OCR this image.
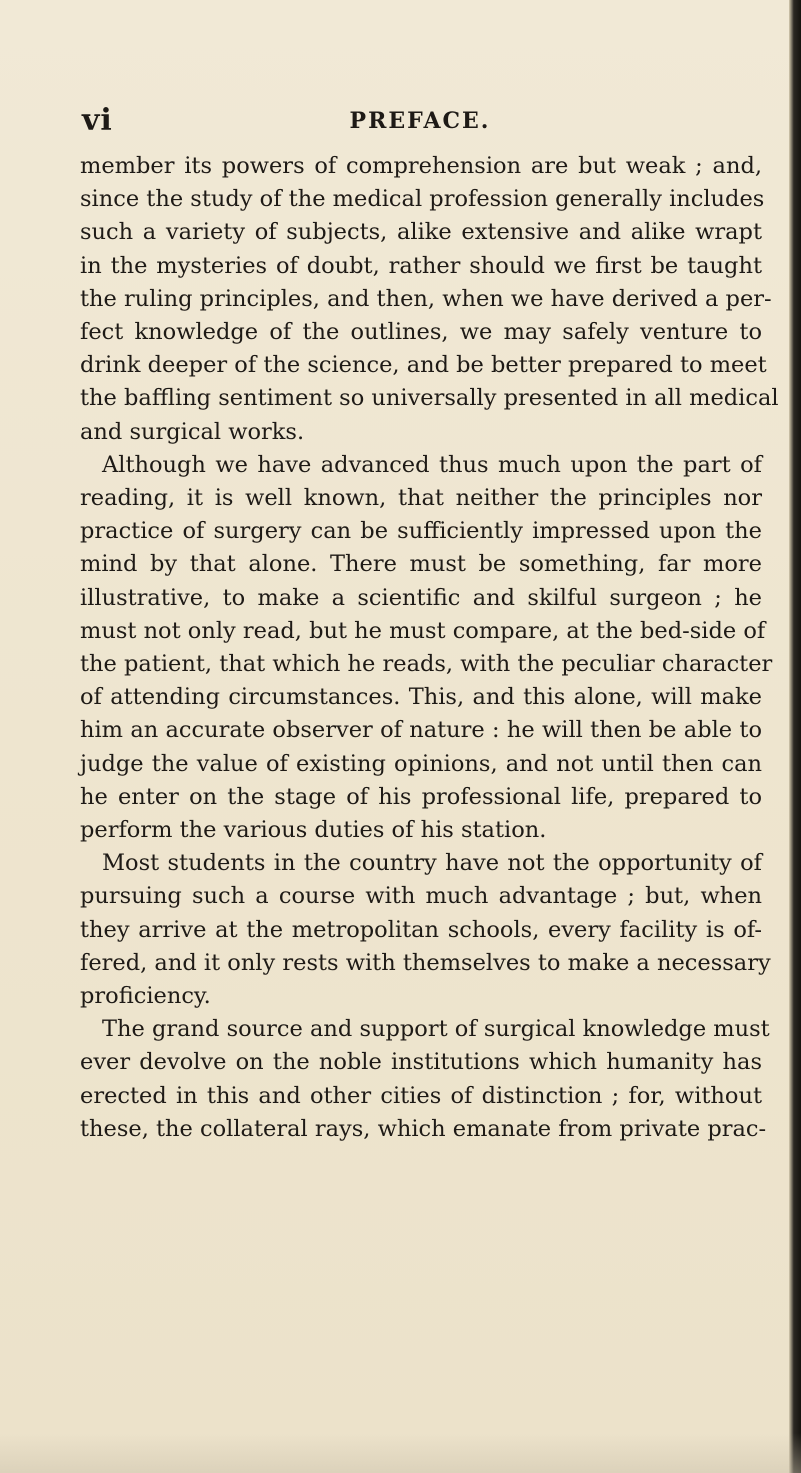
vi	PREFACE.

member its powers of comprehension are but weak ; and,
since the study of the medical profession generally includes
such a variety of subjects, alike extensive and alike wrapt
in the mysteries of doubt, rather should we first be taught
the ruling principles, and then, when we have derived a per-
fect knowledge of the outlines, we may safely venture to
drink deeper of the science, and be better prepared to meet
the baffling sentiment so universally presented in all medical
and surgical works.

Although we have advanced thus much upon the part of
reading, it is well known, that neither the principles nor
practice of surgery can be sufficiently impressed upon the
mind by that alone. There must be something, far more
illustrative, to make a scientific and skilful surgeon ; he
must not only read, but he must compare, at the bed-side of
the patient, that which he reads, with the peculiar character
of attending circumstances. This, and this alone, will make
him an accurate observer of nature : he will then be able to
judge the value of existing opinions, and not until then can
he enter on the stage of his professional life, prepared to
perform the various duties of his station.

Most students in the country have not the opportunity of
pursuing such a course with much advantage ; but, when
they arrive at the metropolitan schools, every facility is of-
fered, and it only rests with themselves to make a necessary
proficiency.

The grand source and support of surgical knowledge must
ever devolve on the noble institutions which humanity has
erected in this and other cities of distinction ; for, without
these, the collateral rays, which emanate from private prac-
